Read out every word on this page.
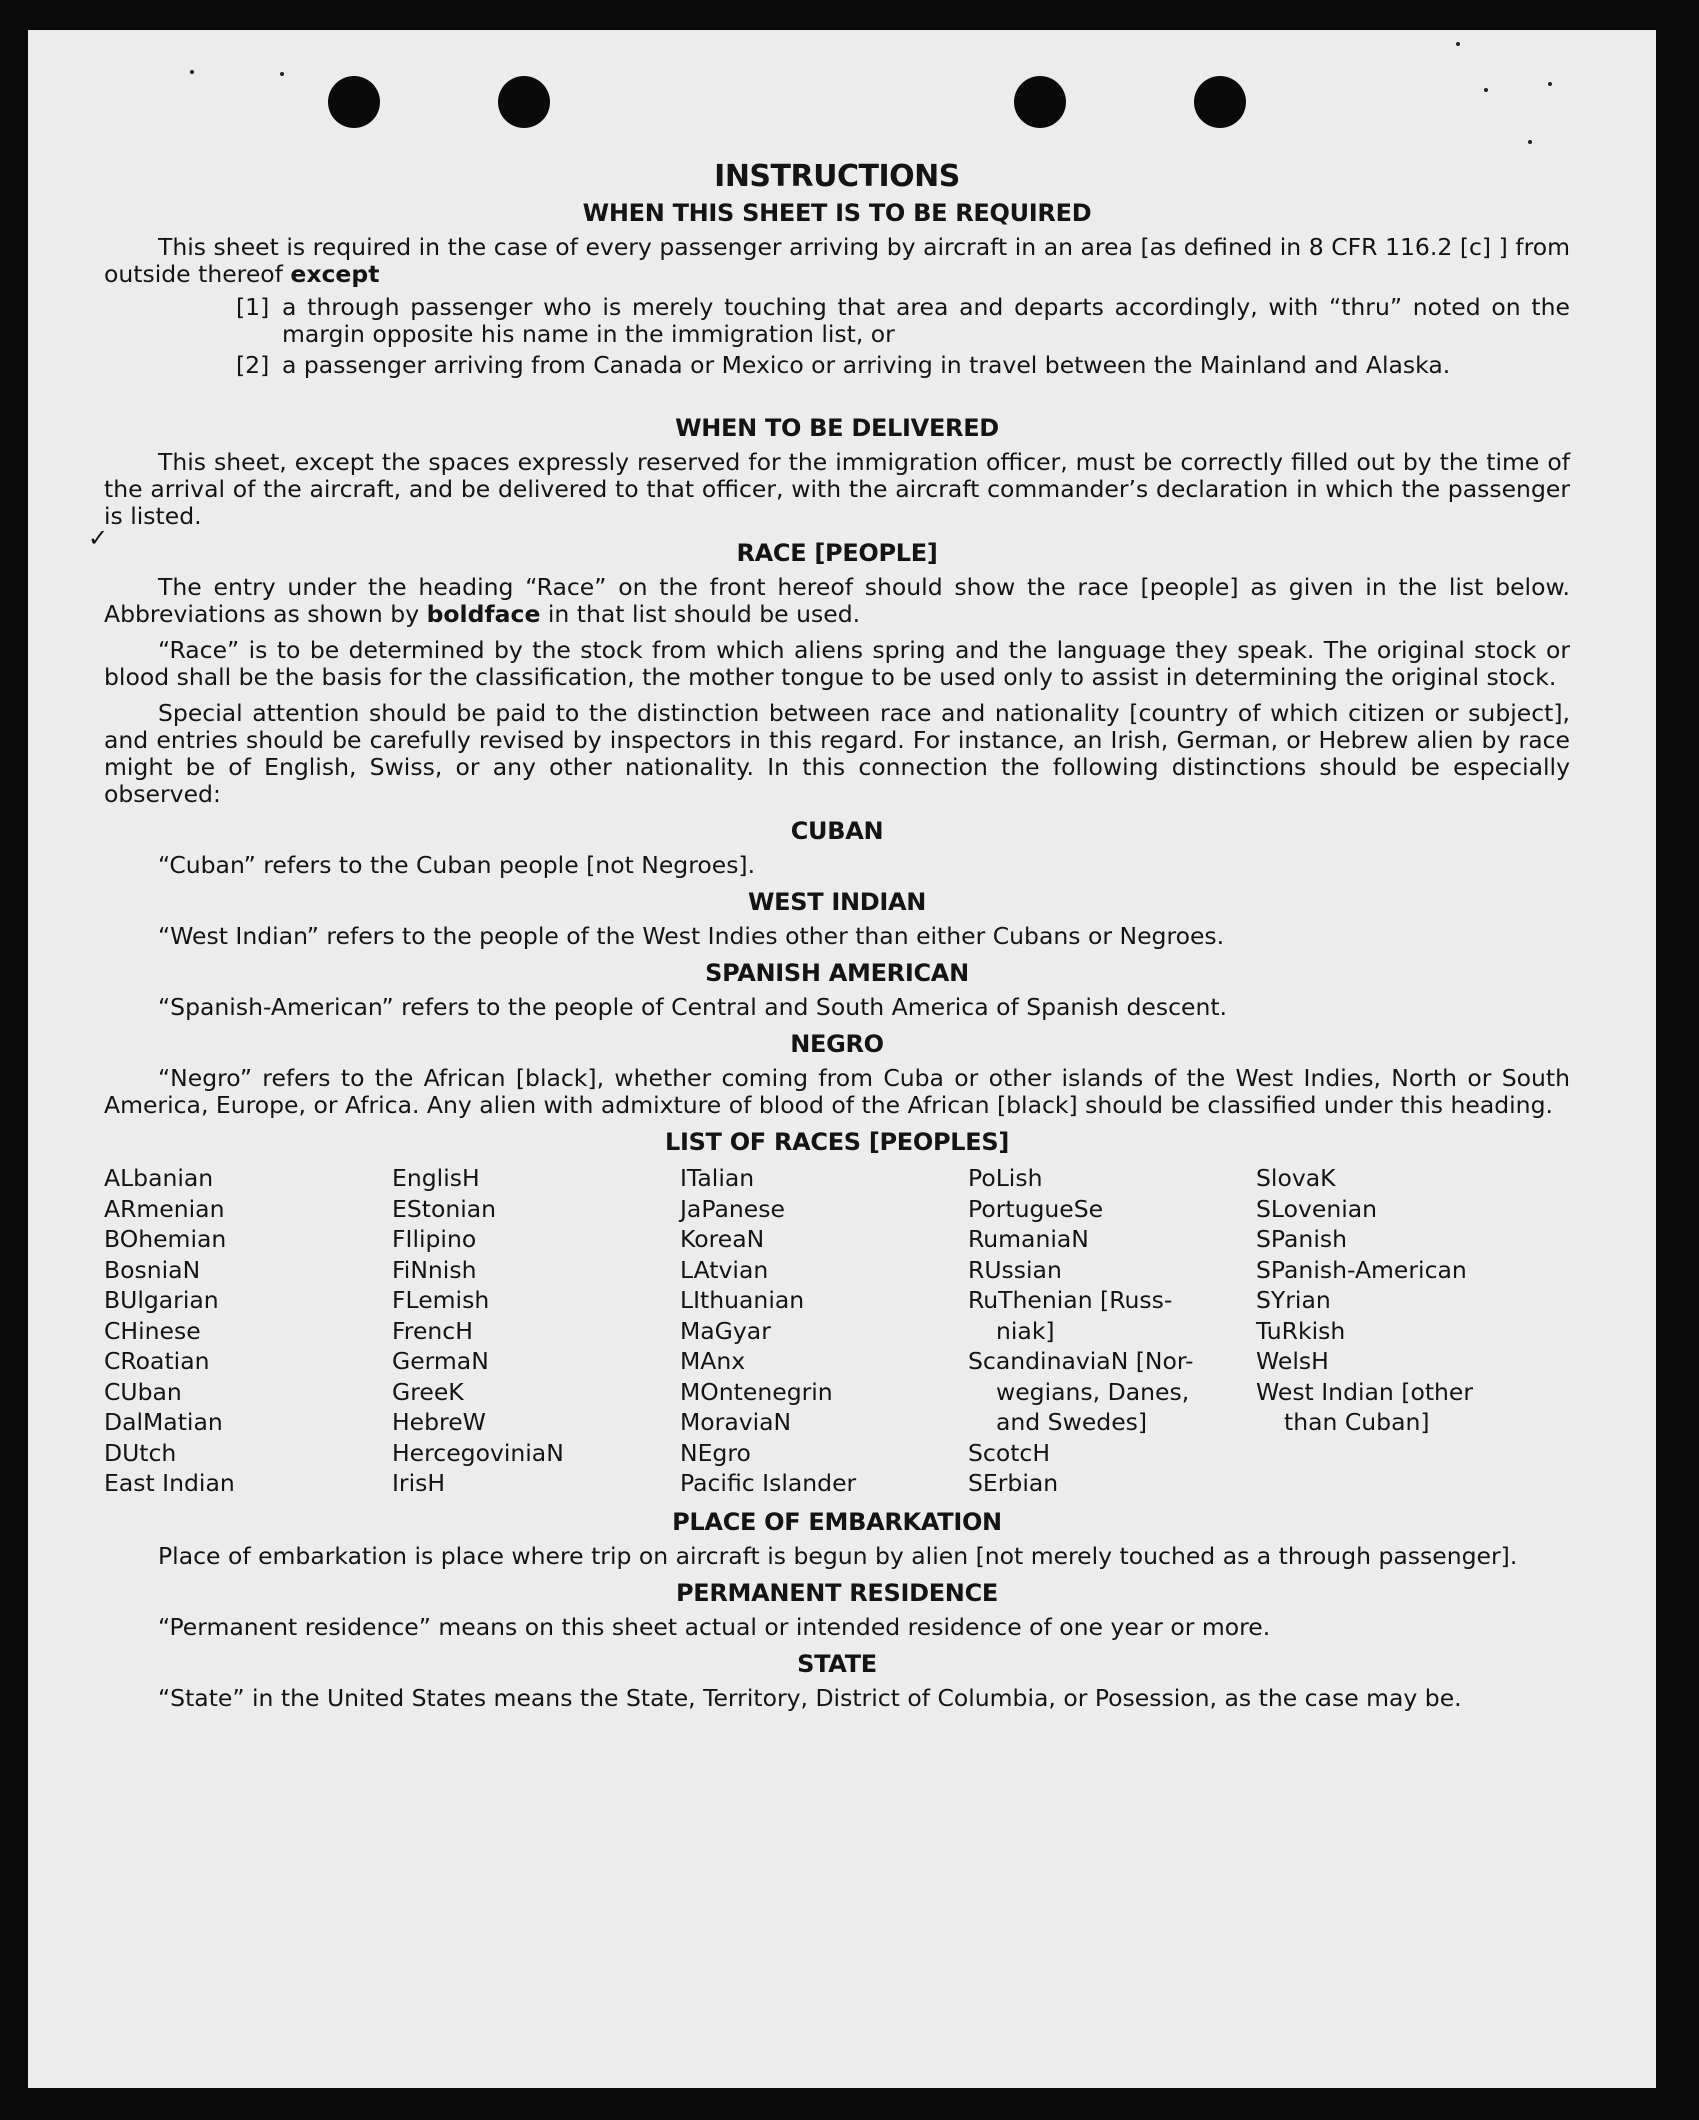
✓
INSTRUCTIONS
WHEN THIS SHEET IS TO BE REQUIRED

This sheet is required in the case of every passenger arriving by aircraft in an area [as defined in 8 CFR 116.2 [c] ] from outside thereof except

[1] a through passenger who is merely touching that area and departs accordingly, with “thru” noted on the margin opposite his name in the immigration list, or
[2] a passenger arriving from Canada or Mexico or arriving in travel between the Mainland and Alaska.
WHEN TO BE DELIVERED

This sheet, except the spaces expressly reserved for the immigration officer, must be correctly filled out by the time of the arrival of the aircraft, and be delivered to that officer, with the aircraft commander’s declaration in which the passenger is listed.

RACE [PEOPLE]

The entry under the heading “Race” on the front hereof should show the race [people] as given in the list below. Abbreviations as shown by boldface in that list should be used.

“Race” is to be determined by the stock from which aliens spring and the language they speak. The original stock or blood shall be the basis for the classification, the mother tongue to be used only to assist in determining the original stock.

Special attention should be paid to the distinction between race and nationality [country of which citizen or subject], and entries should be carefully revised by inspectors in this regard. For instance, an Irish, German, or Hebrew alien by race might be of English, Swiss, or any other nationality. In this connection the following distinctions should be especially observed:

CUBAN

“Cuban” refers to the Cuban people [not Negroes].

WEST INDIAN

“West Indian” refers to the people of the West Indies other than either Cubans or Negroes.

SPANISH AMERICAN

“Spanish-American” refers to the people of Central and South America of Spanish descent.

NEGRO

“Negro” refers to the African [black], whether coming from Cuba or other islands of the West Indies, North or South America, Europe, or Africa. Any alien with admixture of blood of the African [black] should be classified under this heading.

LIST OF RACES [PEOPLES]
ALbanian
ARmenian
BOhemian
BosniaN
BUlgarian
CHinese
CRoatian
CUban
DalMatian
DUtch
East Indian
EnglisH
EStonian
FIlipino
FiNnish
FLemish
FrencH
GermaN
GreeK
HebreW
HercegoviniaN
IrisH
ITalian
JaPanese
KoreaN
LAtvian
LIthuanian
MaGyar
MAnx
MOntenegrin
MoraviaN
NEgro
Pacific Islander
PoLish
PortugueSe
RumaniaN
RUssian
RuThenian [Russ-
niak]
ScandinaviaN [Nor-
wegians, Danes,
and Swedes]
ScotcH
SErbian
SlovaK
SLovenian
SPanish
SPanish-American
SYrian
TuRkish
WelsH
West Indian [other
than Cuban]
PLACE OF EMBARKATION

Place of embarkation is place where trip on aircraft is begun by alien [not merely touched as a through passenger].

PERMANENT RESIDENCE

“Permanent residence” means on this sheet actual or intended residence of one year or more.

STATE

“State” in the United States means the State, Territory, District of Columbia, or Posession, as the case may be.
